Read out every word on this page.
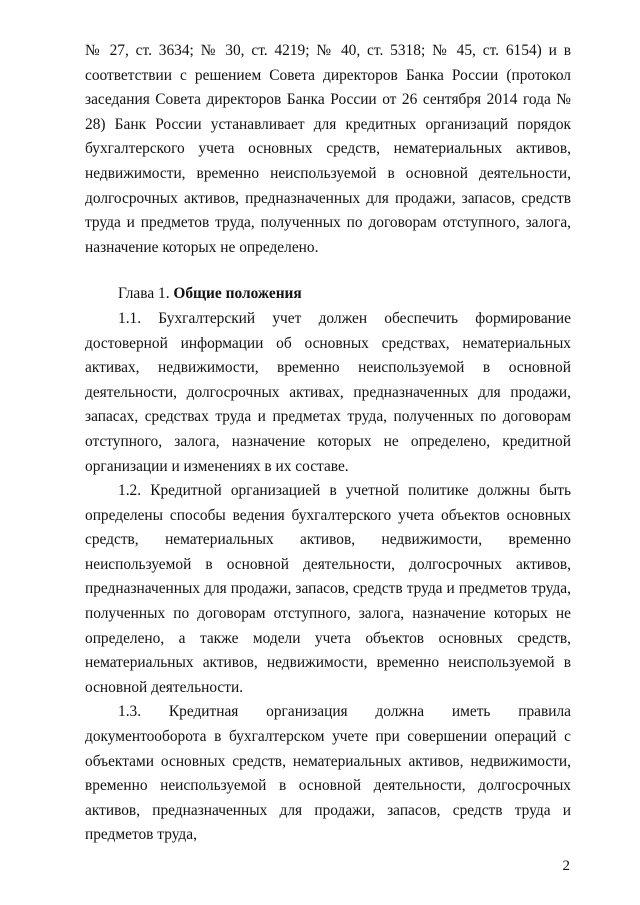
№ 27, ст. 3634; № 30, ст. 4219; № 40, ст. 5318; № 45, ст. 6154) и в соответствии с решением Совета директоров Банка России (протокол заседания Совета директоров Банка России от 26 сентября 2014 года № 28) Банк России устанавливает для кредитных организаций порядок бухгалтерского учета основных средств, нематериальных активов, недвижимости, временно неиспользуемой в основной деятельности, долгосрочных активов, предназначенных для продажи, запасов, средств труда и предметов труда, полученных по договорам отступного, залога, назначение которых не определено.

Глава 1. Общие положения

1.1. Бухгалтерский учет должен обеспечить формирование достоверной информации об основных средствах, нематериальных активах, недвижимости, временно неиспользуемой в основной деятельности, долгосрочных активах, предназначенных для продажи, запасах, средствах труда и предметах труда, полученных по договорам отступного, залога, назначение которых не определено, кредитной организации и изменениях в их составе.

1.2. Кредитной организацией в учетной политике должны быть определены способы ведения бухгалтерского учета объектов основных средств, нематериальных активов, недвижимости, временно неиспользуемой в основной деятельности, долгосрочных активов, предназначенных для продажи, запасов, средств труда и предметов труда, полученных по договорам отступного, залога, назначение которых не определено, а также модели учета объектов основных средств, нематериальных активов, недвижимости, временно неиспользуемой в основной деятельности.

1.3. Кредитная организация должна иметь правила документооборота в бухгалтерском учете при совершении операций с объектами основных средств, нематериальных активов, недвижимости, временно неиспользуемой в основной деятельности, долгосрочных активов, предназначенных для продажи, запасов, средств труда и предметов труда,

2
